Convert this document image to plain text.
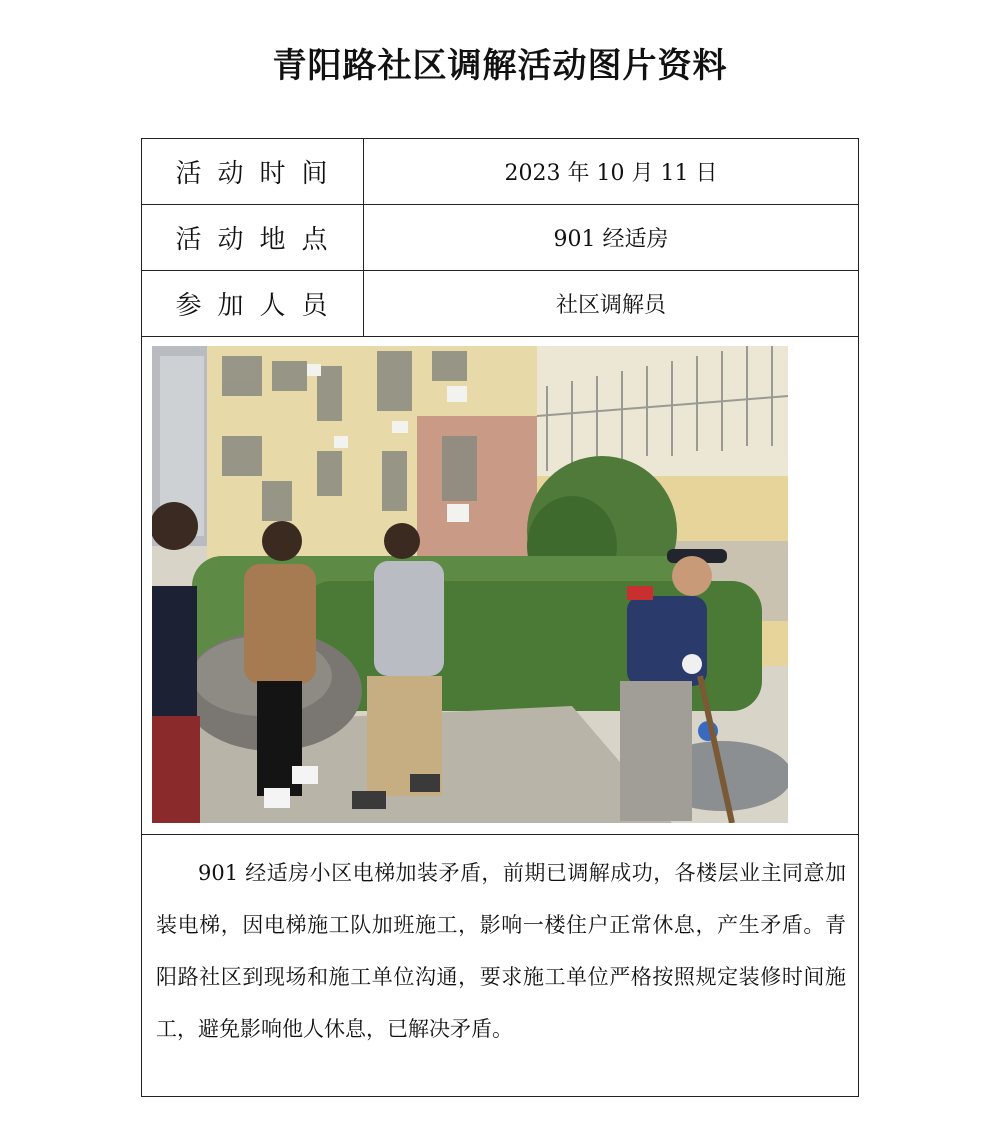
青阳路社区调解活动图片资料
活动时间	2023 年 10 月 11 日
活动地点	901 经适房
参加人员	社区调解员

901 经适房小区电梯加装矛盾，前期已调解成功，各楼层业主同意加装电梯，因电梯施工队加班施工，影响一楼住户正常休息，产生矛盾。青阳路社区到现场和施工单位沟通，要求施工单位严格按照规定装修时间施工，避免影响他人休息，已解决矛盾。
